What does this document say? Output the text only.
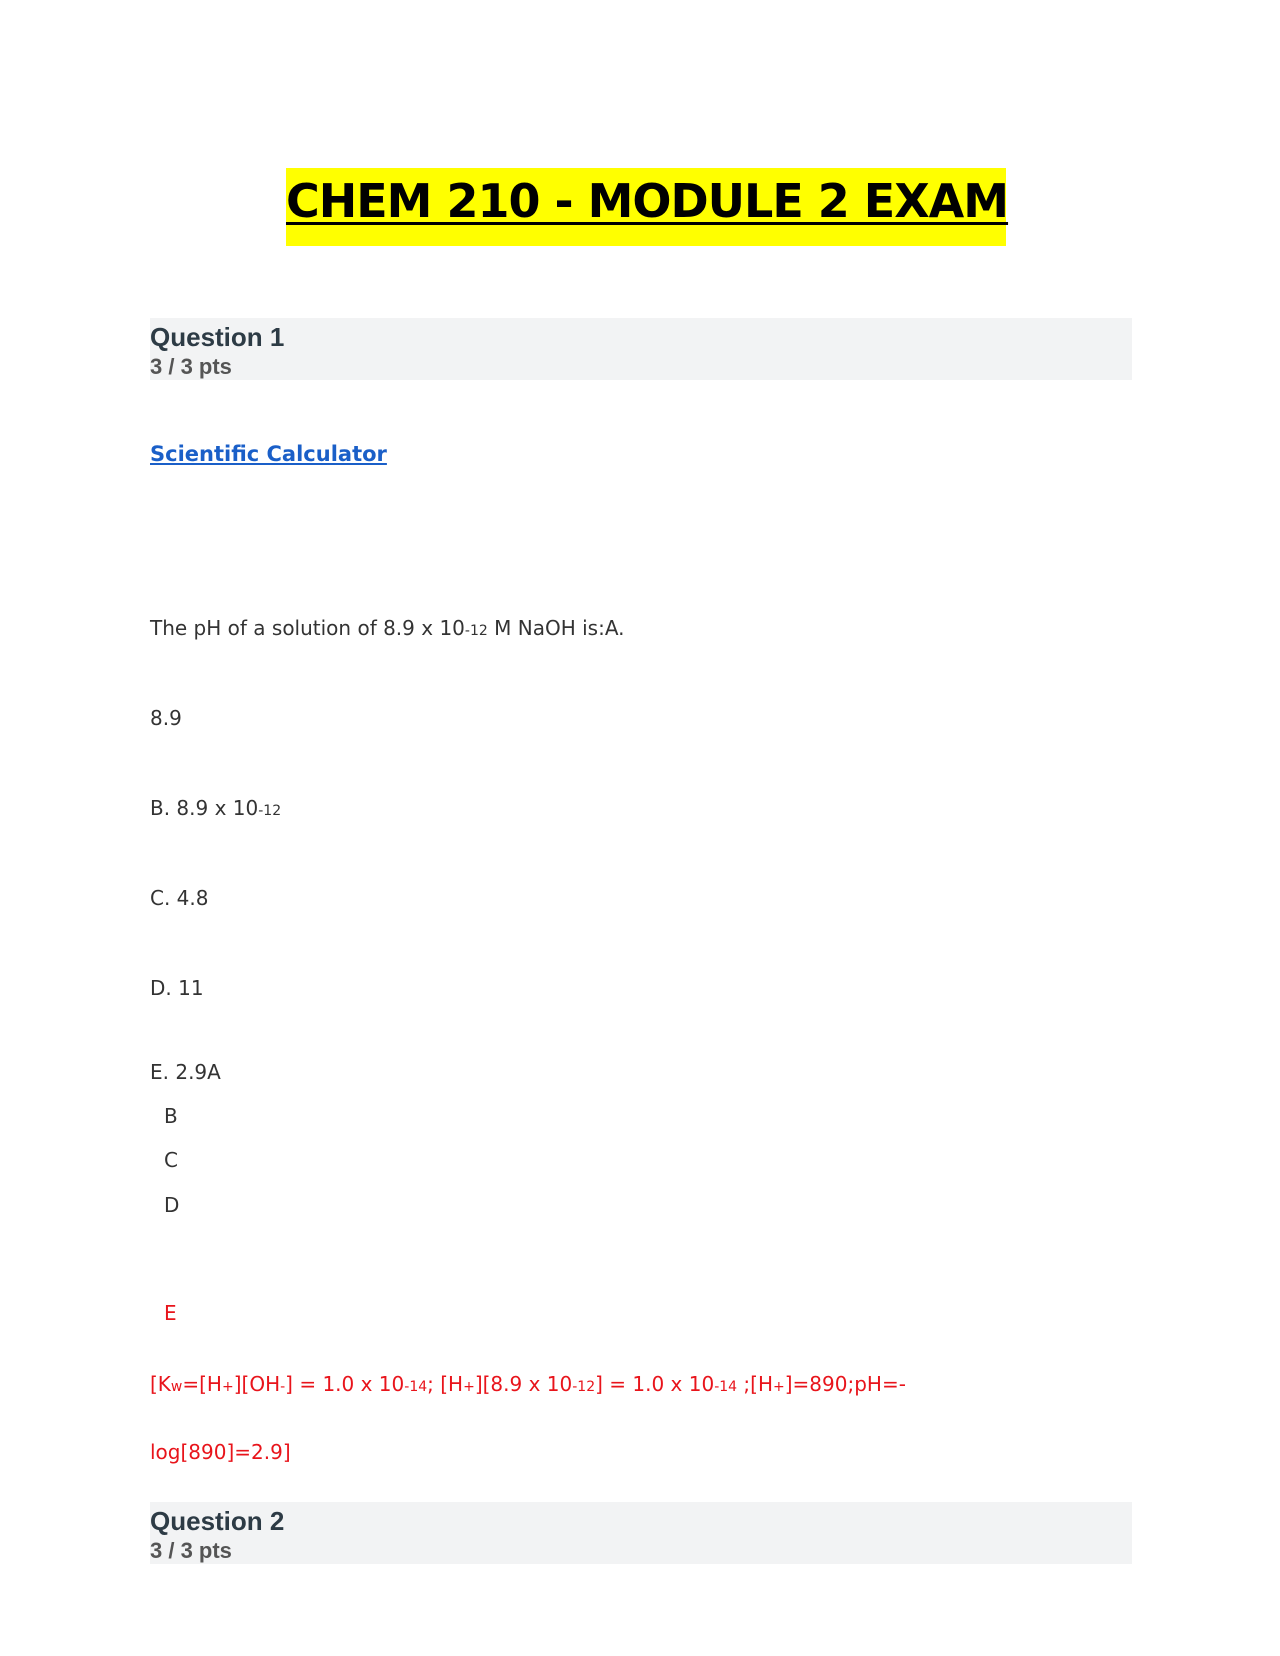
CHEM 210 - MODULE 2 EXAM
Question 1
3 / 3 pts
Scientific Calculator
The pH of a solution of 8.9 x 10-12 M NaOH is:A.
8.9
B. 8.9 x 10-12
C. 4.8
D. 11
E. 2.9A
B
C
D
E
[Kw=[H+][OH-] = 1.0 x 10-14; [H+][8.9 x 10-12] = 1.0 x 10-14 ;[H+]=890;pH=-
log[890]=2.9]
Question 2
3 / 3 pts
